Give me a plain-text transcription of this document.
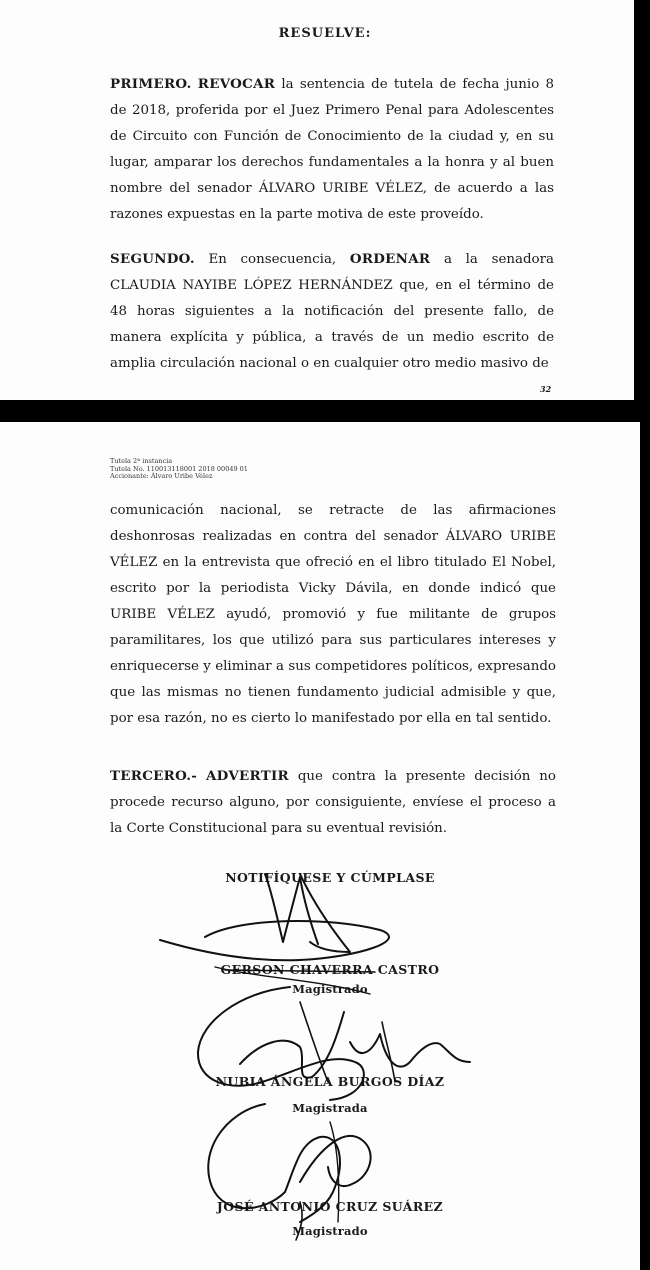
RESUELVE:
PRIMERO. REVOCAR la sentencia de tutela de fecha junio 8 de 2018, proferida por el Juez Primero Penal para Adolescentes de Circuito con Función de Conocimiento de la ciudad y, en su lugar, amparar los derechos fundamentales a la honra y al buen nombre del senador ÁLVARO URIBE VÉLEZ, de acuerdo a las razones expuestas en la parte motiva de este proveído.
SEGUNDO. En consecuencia, ORDENAR a la senadora CLAUDIA NAYIBE LÓPEZ HERNÁNDEZ que, en el término de 48 horas siguientes a la notificación del presente fallo, de manera explícita y pública, a través de un medio escrito de amplia circulación nacional o en cualquier otro medio masivo de
32
Tutela 2ª instancia
Tutela No. 110013118001 2018 00049 01
Accionante: Álvaro Uribe Vélez
comunicación nacional, se retracte de las afirmaciones deshonrosas realizadas en contra del senador ÁLVARO URIBE VÉLEZ en la entrevista que ofreció en el libro titulado El Nobel, escrito por la periodista Vicky Dávila, en donde indicó que URIBE VÉLEZ ayudó, promovió y fue militante de grupos paramilitares, los que utilizó para sus particulares intereses y enriquecerse y eliminar a sus competidores políticos, expresando que las mismas no tienen fundamento judicial admisible y que, por esa razón, no es cierto lo manifestado por ella en tal sentido.
TERCERO.- ADVERTIR que contra la presente decisión no procede recurso alguno, por consiguiente, envíese el proceso a la Corte Constitucional para su eventual revisión.
NOTIFÍQUESE Y CÚMPLASE
GERSON CHAVERRA CASTRO
Magistrado
NUBIA ÁNGELA BURGOS DÍAZ
Magistrada
JOSÉ ANTONIO CRUZ SUÁREZ
Magistrado
